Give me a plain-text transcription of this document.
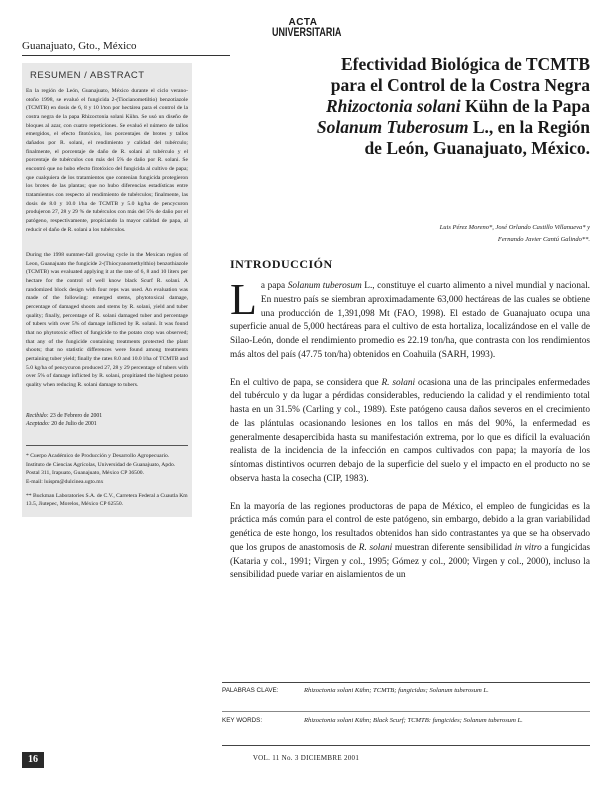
Guanajuato, Gto., México
ACTA
UNIVERSITARIA
RESUMEN / ABSTRACT

En la región de León, Guanajuato, México durante el ciclo verano-otoño 1998, se evaluó el fungicida 2-(Tiocianometiltio) benzotiazole (TCMTB) en dosis de 6, 8 y 10 l/ton por hectárea para el control de la costra negra de la papa Rhizoctonia solani Kühn. Se usó un diseño de bloques al azar, con cuatro repeticiones. Se evaluó el número de tallos emergidos, el efecto fitotóxico, los porcentajes de brotes y tallos dañados por R. solani, el rendimiento y calidad del tubérculo; finalmente, el porcentaje de daño de R. solani al tubérculo y el porcentaje de tubérculos con más del 5% de daño por R. solani. Se encontró que no hubo efecto fitotóxico del fungicida al cultivo de papa; que cualquiera de los tratamientos que contenían fungicida protegieron los brotes de las plantas; que no hubo diferencias estadísticas entre tratamientos con respecto al rendimiento de tubérculos; finalmente, las dosis de 8.0 y 10.0 l/ha de TCMTB y 5.0 kg/ha de pencycuron produjeron 27, 28 y 29 % de tubérculos con más del 5% de daño por el patógeno, respectivamente, propiciando la mayor calidad de papa, al reducir el daño de R. solani a los tubérculos.

During the 1998 summer-fall growing cycle in the Mexican region of Leon, Guanajuato the fungicide 2-(Thiocyanomethylthio) benzothiazole (TCMTB) was evaluated applying it at the rate of 6, 8 and 10 liters per hectare for the control of well know black Scurf R. solani. A randomized block design with four reps was used. An evaluation was made of the following: emerged stems, phytotoxical damage, percentage of damaged shoots and stems by R. solani, yield and tuber quality; finally, percentage of R. solani damaged tuber and percentage of tubers with over 5% of damage inflicted by R. solani. It was found that no phytotoxic effect of fungicide to the potato crop was observed; that any of the fungicide containing treatments protected the plant shoots; that no statistic differences were found among treatments pertaining tuber yield; finally the rates 8.0 and 10.0 l/ha of TCMTB and 5.0 kg/ha of pencycuron produced 27, 28 y 29 percentage of tubers with over 5% of damage inflicted by R. solani, propitiated the highest potato quality when reducing R. solani damage to tubers.

Recibido: 23 de Febrero de 2001
Aceptado: 20 de Julio de 2001
* Cuerpo Académico de Producción y Desarrollo Agropecuario. Instituto de Ciencias Agrícolas, Universidad de Guanajuato, Apdo. Postal 311, Irapuato, Guanajuato, México CP 36500.
E-mail: luispm@dulcinea.ugto.mx
** Buckman Laboratories S.A. de C.V., Carretera Federal a Cuautla Km 13.5, Jiutepec, Morelos, México CP 62550.
Efectividad Biológica de TCMTB
para el Control de la Costra Negra
Rhizoctonia solani Kühn de la Papa
Solanum Tuberosum L., en la Región
de León, Guanajuato, México.
Luis Pérez Moreno*, José Orlando Castillo Villanueva* y
Fernando Javier Cantú Galindo**.
INTRODUCCIÓN

La papa Solanum tuberosum L., constituye el cuarto alimento a nivel mundial y nacional. En nuestro país se siembran aproximadamente 63,000 hectáreas de las cuales se obtiene una producción de 1,391,098 Mt (FAO, 1998). El estado de Guanajuato ocupa una superficie anual de 5,000 hectáreas para el cultivo de esta hortaliza, localizándose en el valle de Silao-León, donde el rendimiento promedio es 22.19 ton/ha, que contrasta con los rendimientos más altos del país (47.75 ton/ha) obtenidos en Coahuila (SARH, 1993).

En el cultivo de papa, se considera que R. solani ocasiona una de las principales enfermedades del tubérculo y da lugar a pérdidas considerables, reduciendo la calidad y el rendimiento total hasta en un 31.5% (Carling y col., 1989). Este patógeno causa daños severos en el crecimiento de las plántulas ocasionando lesiones en los tallos en más del 90%, la enfermedad es generalmente desapercibida hasta su manifestación extrema, por lo que es difícil la evaluación realista de la incidencia de la infección en campos cultivados con papa; la mayoría de los síntomas distintivos ocurren debajo de la superficie del suelo y el impacto en el producto no se observa hasta la cosecha (CIP, 1983).

En la mayoría de las regiones productoras de papa de México, el empleo de fungicidas es la práctica más común para el control de este patógeno, sin embargo, debido a la gran variabilidad genética de este hongo, los resultados obtenidos han sido contrastantes ya que se ha observado que los grupos de anastomosis de R. solani muestran diferente sensibilidad in vitro a fungicidas (Kataria y col., 1991; Virgen y col., 1995; Gómez y col., 2000; Virgen y col., 2000), incluso la sensibilidad puede variar en aislamientos de un

PALABRAS CLAVE:	Rhizoctonia solani Kühn; TCMTB; fungicidas; Solanum tuberosum L.
KEY WORDS:	Rhizoctonia solani Kühn; Black Scurf; TCMTB: fungicides; Solanum tuberosum L.
16	VOL. 11 No. 3 DICIEMBRE 2001
